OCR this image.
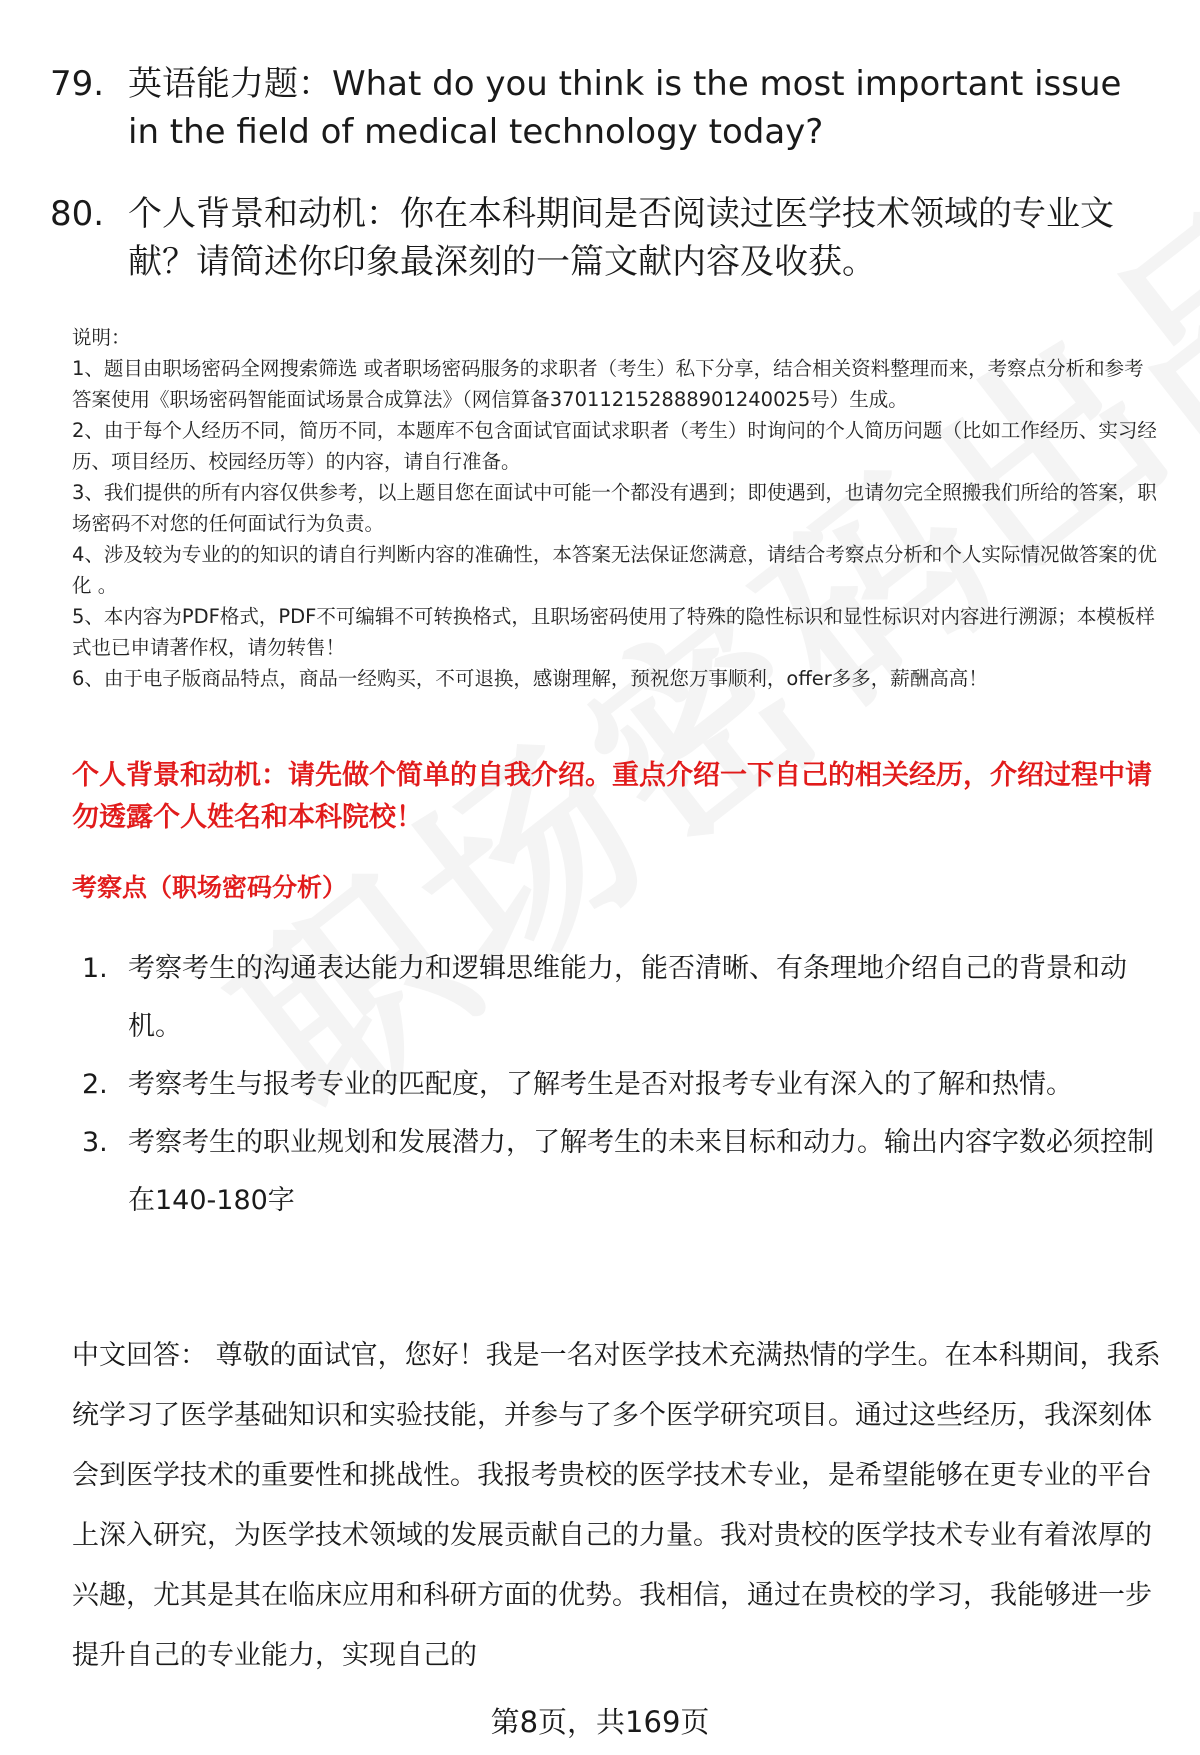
79. 英语能力题：What do you think is the most important issue in the field of medical technology today?
80. 个人背景和动机：你在本科期间是否阅读过医学技术领域的专业文献？请简述你印象最深刻的一篇文献内容及收获。

说明：

1、题目由职场密码全网搜索筛选 或者职场密码服务的求职者（考生）私下分享，结合相关资料整理而来，考察点分析和参考答案使用《职场密码智能面试场景合成算法》（网信算备370112152888901240025号）生成。

2、由于每个人经历不同，简历不同，本题库不包含面试官面试求职者（考生）时询问的个人简历问题（比如工作经历、实习经历、项目经历、校园经历等）的内容，请自行准备。

3、我们提供的所有内容仅供参考，以上题目您在面试中可能一个都没有遇到；即使遇到，也请勿完全照搬我们所给的答案，职场密码不对您的任何面试行为负责。

4、涉及较为专业的的知识的请自行判断内容的准确性，本答案无法保证您满意，请结合考察点分析和个人实际情况做答案的优化 。

5、本内容为PDF格式，PDF不可编辑不可转换格式，且职场密码使用了特殊的隐性标识和显性标识对内容进行溯源；本模板样式也已申请著作权，请勿转售！

6、由于电子版商品特点，商品一经购买，不可退换，感谢理解，预祝您万事顺利，offer多多，薪酬高高！

个人背景和动机：请先做个简单的自我介绍。重点介绍一下自己的相关经历，介绍过程中请勿透露个人姓名和本科院校！
考察点（职场密码分析）
1. 考察考生的沟通表达能力和逻辑思维能力，能否清晰、有条理地介绍自己的背景和动机。
2. 考察考生与报考专业的匹配度，了解考生是否对报考专业有深入的了解和热情。
3. 考察考生的职业规划和发展潜力，了解考生的未来目标和动力。输出内容字数必须控制在140-180字
中文回答： 尊敬的面试官，您好！我是一名对医学技术充满热情的学生。在本科期间，我系统学习了医学基础知识和实验技能，并参与了多个医学研究项目。通过这些经历，我深刻体会到医学技术的重要性和挑战性。我报考贵校的医学技术专业，是希望能够在更专业的平台上深入研究，为医学技术领域的发展贡献自己的力量。我对贵校的医学技术专业有着浓厚的兴趣，尤其是其在临床应用和科研方面的优势。我相信，通过在贵校的学习，我能够进一步提升自己的专业能力，实现自己的
第8页，共169页
